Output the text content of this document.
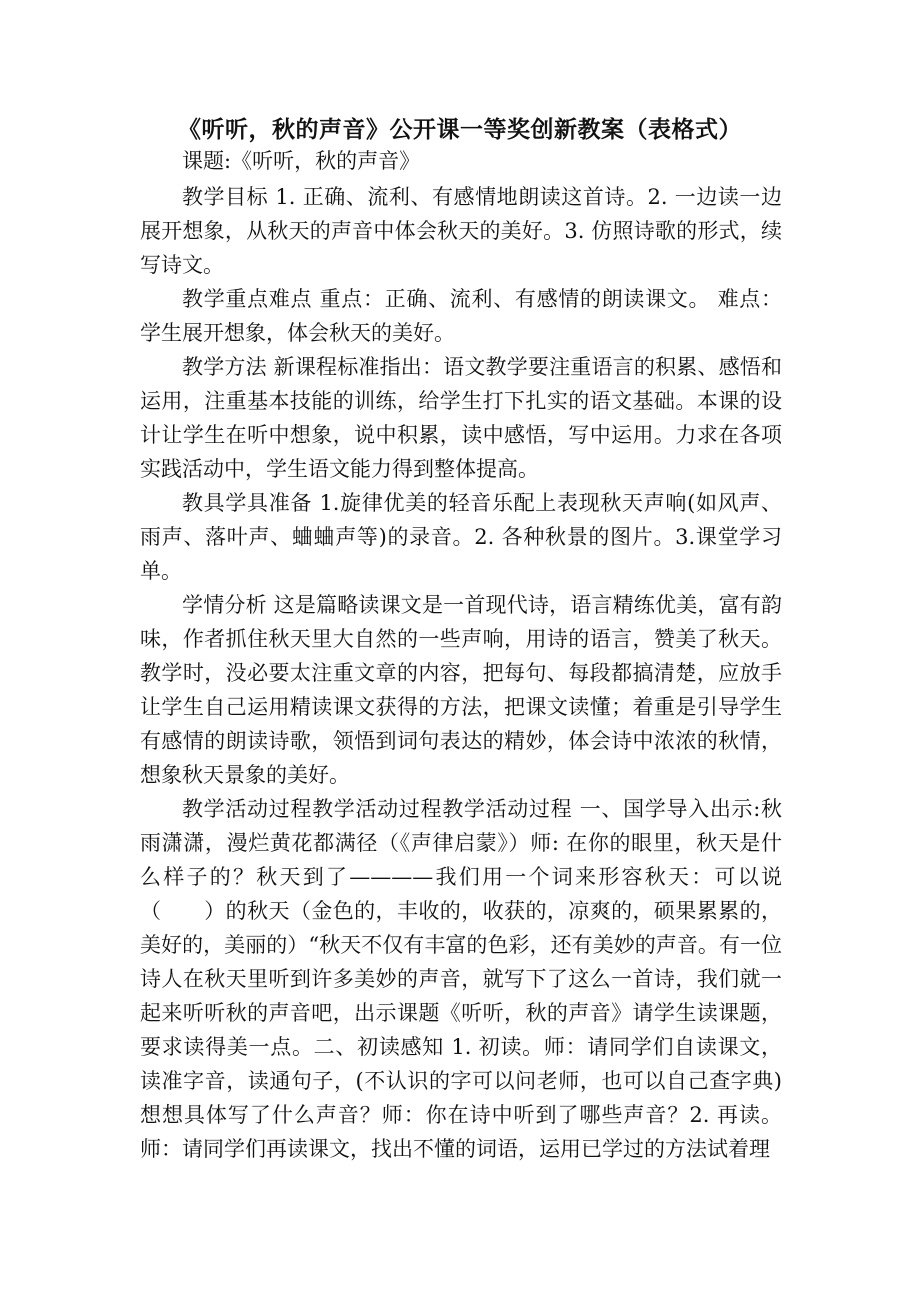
《听听，秋的声音》公开课一等奖创新教案（表格式）

课题:《听听，秋的声音》

教学目标 1. 正确、流利、有感情地朗读这首诗。2. 一边读一边展开想象，从秋天的声音中体会秋天的美好。3. 仿照诗歌的形式，续写诗文。

教学重点难点 重点：正确、流利、有感情的朗读课文。 难点：学生展开想象，体会秋天的美好。

教学方法 新课程标准指出：语文教学要注重语言的积累、感悟和运用，注重基本技能的训练，给学生打下扎实的语文基础。本课的设计让学生在听中想象，说中积累，读中感悟，写中运用。力求在各项实践活动中，学生语文能力得到整体提高。

教具学具准备 1.旋律优美的轻音乐配上表现秋天声响(如风声、雨声、落叶声、蛐蛐声等)的录音。2. 各种秋景的图片。3.课堂学习单。

学情分析 这是篇略读课文是一首现代诗，语言精练优美，富有韵味，作者抓住秋天里大自然的一些声响，用诗的语言，赞美了秋天。教学时，没必要太注重文章的内容，把每句、每段都搞清楚，应放手让学生自己运用精读课文获得的方法，把课文读懂；着重是引导学生有感情的朗读诗歌，领悟到词句表达的精妙，体会诗中浓浓的秋情，想象秋天景象的美好。

教学活动过程教学活动过程教学活动过程 一、国学导入出示:秋雨潇潇，漫烂黄花都满径（《声律启蒙》）师: 在你的眼里，秋天是什么样子的？秋天到了————我们用一个词来形容秋天：可以说（　　）的秋天（金色的，丰收的，收获的，凉爽的，硕果累累的，美好的，美丽的）“秋天不仅有丰富的色彩，还有美妙的声音。有一位诗人在秋天里听到许多美妙的声音，就写下了这么一首诗，我们就一起来听听秋的声音吧，出示课题《听听，秋的声音》请学生读课题，要求读得美一点。二、初读感知 1. 初读。师：请同学们自读课文，读准字音，读通句子，(不认识的字可以问老师，也可以自己查字典)想想具体写了什么声音？师：你在诗中听到了哪些声音？2. 再读。师：请同学们再读课文，找出不懂的词语，运用已学过的方法试着理
